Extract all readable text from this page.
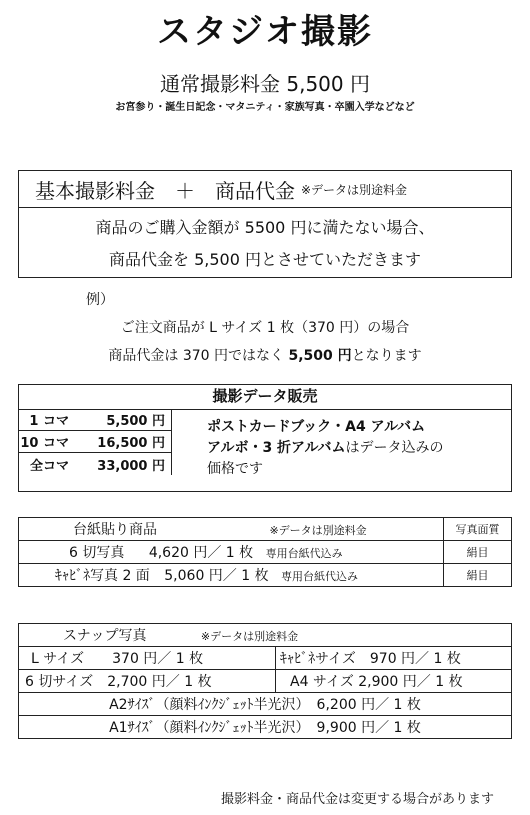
スタジオ撮影
通常撮影料金 5,500 円
お宮参り・誕生日記念・マタニティ・家族写真・卒園入学などなど
基本撮影料金　＋　商品代金 ※データは別途料金
商品のご購入金額が 5500 円に満たない場合、
商品代金を 5,500 円とさせていただきます
例）
ご注文商品が L サイズ 1 枚（370 円）の場合
商品代金は 370 円ではなく 5,500 円となります
撮影データ販売
1 コマ	5,500 円
10 コマ	16,500 円
全コマ	33,000 円
ポストカードブック・A4 アルバム
アルボ・3 折アルバムはデータ込みの
価格です
台紙貼り商品 ※データは別途料金	写真面質
6 切写真 4,620 円／ 1 枚 専用台紙代込み	絹目
ｷｬﾋﾞﾈ写真 2 面 5,060 円／ 1 枚 専用台紙代込み	絹目
スナップ写真 ※データは別途料金	
L サイズ　　370 円／ 1 枚	ｷｬﾋﾞﾈサイズ　970 円／ 1 枚
6 切サイズ　2,700 円／ 1 枚	A4 サイズ 2,900 円／ 1 枚
A2ｻｲｽﾞ（顔料ｲﾝｸｼﾞｪｯﾄ半光沢）　6,200 円／ 1 枚	
A1ｻｲｽﾞ（顔料ｲﾝｸｼﾞｪｯﾄ半光沢）　9,900 円／ 1 枚	
撮影料金・商品代金は変更する場合があります
